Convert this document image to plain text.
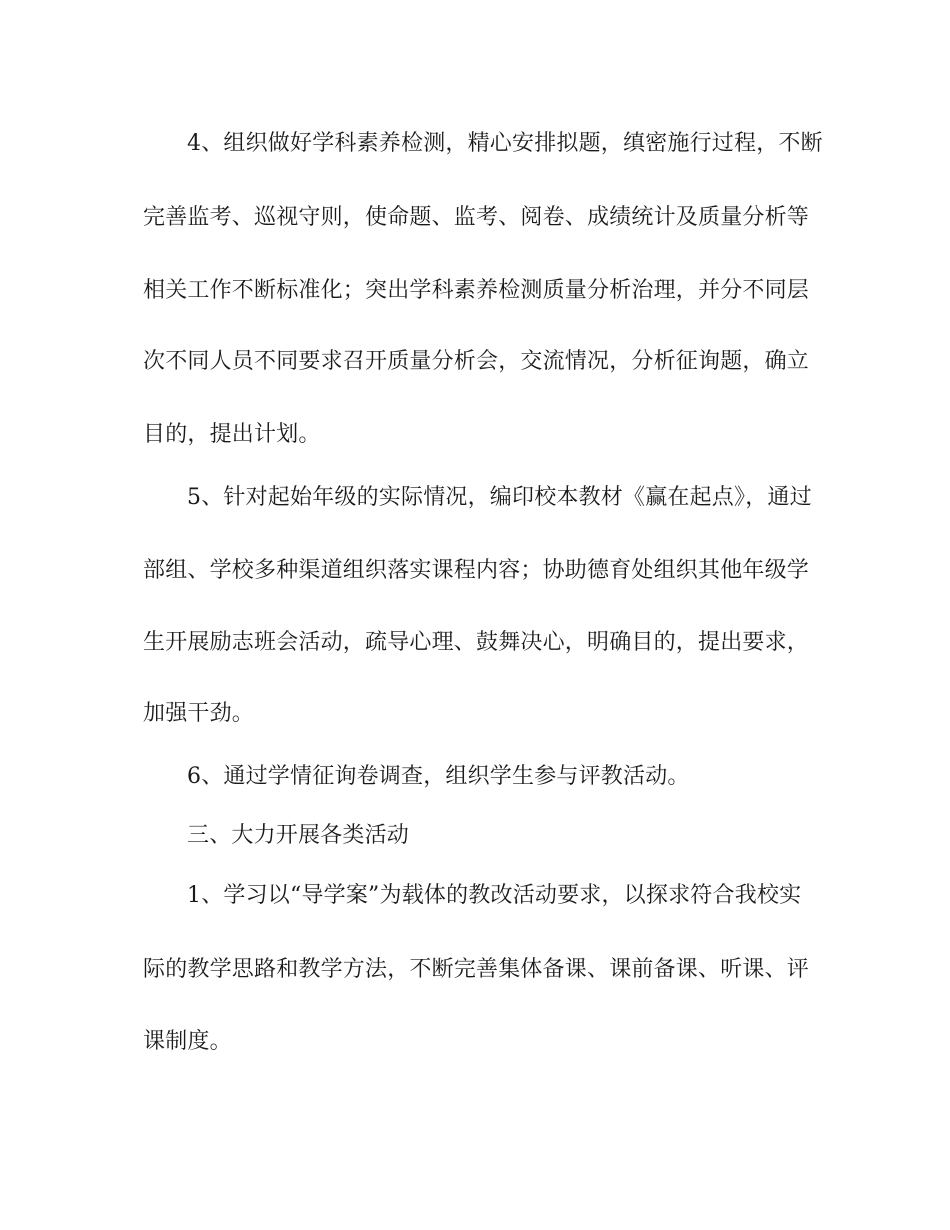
4、组织做好学科素养检测，精心安排拟题，缜密施行过程，不断
完善监考、巡视守则，使命题、监考、阅卷、成绩统计及质量分析等
相关工作不断标准化；突出学科素养检测质量分析治理，并分不同层
次不同人员不同要求召开质量分析会，交流情况，分析征询题，确立
目的，提出计划。
5、针对起始年级的实际情况，编印校本教材《赢在起点》，通过
部组、学校多种渠道组织落实课程内容；协助德育处组织其他年级学
生开展励志班会活动，疏导心理、鼓舞决心，明确目的，提出要求，
加强干劲。
6、通过学情征询卷调查，组织学生参与评教活动。
三、大力开展各类活动
1、学习以“导学案”为载体的教改活动要求，以探求符合我校实
际的教学思路和教学方法，不断完善集体备课、课前备课、听课、评
课制度。
